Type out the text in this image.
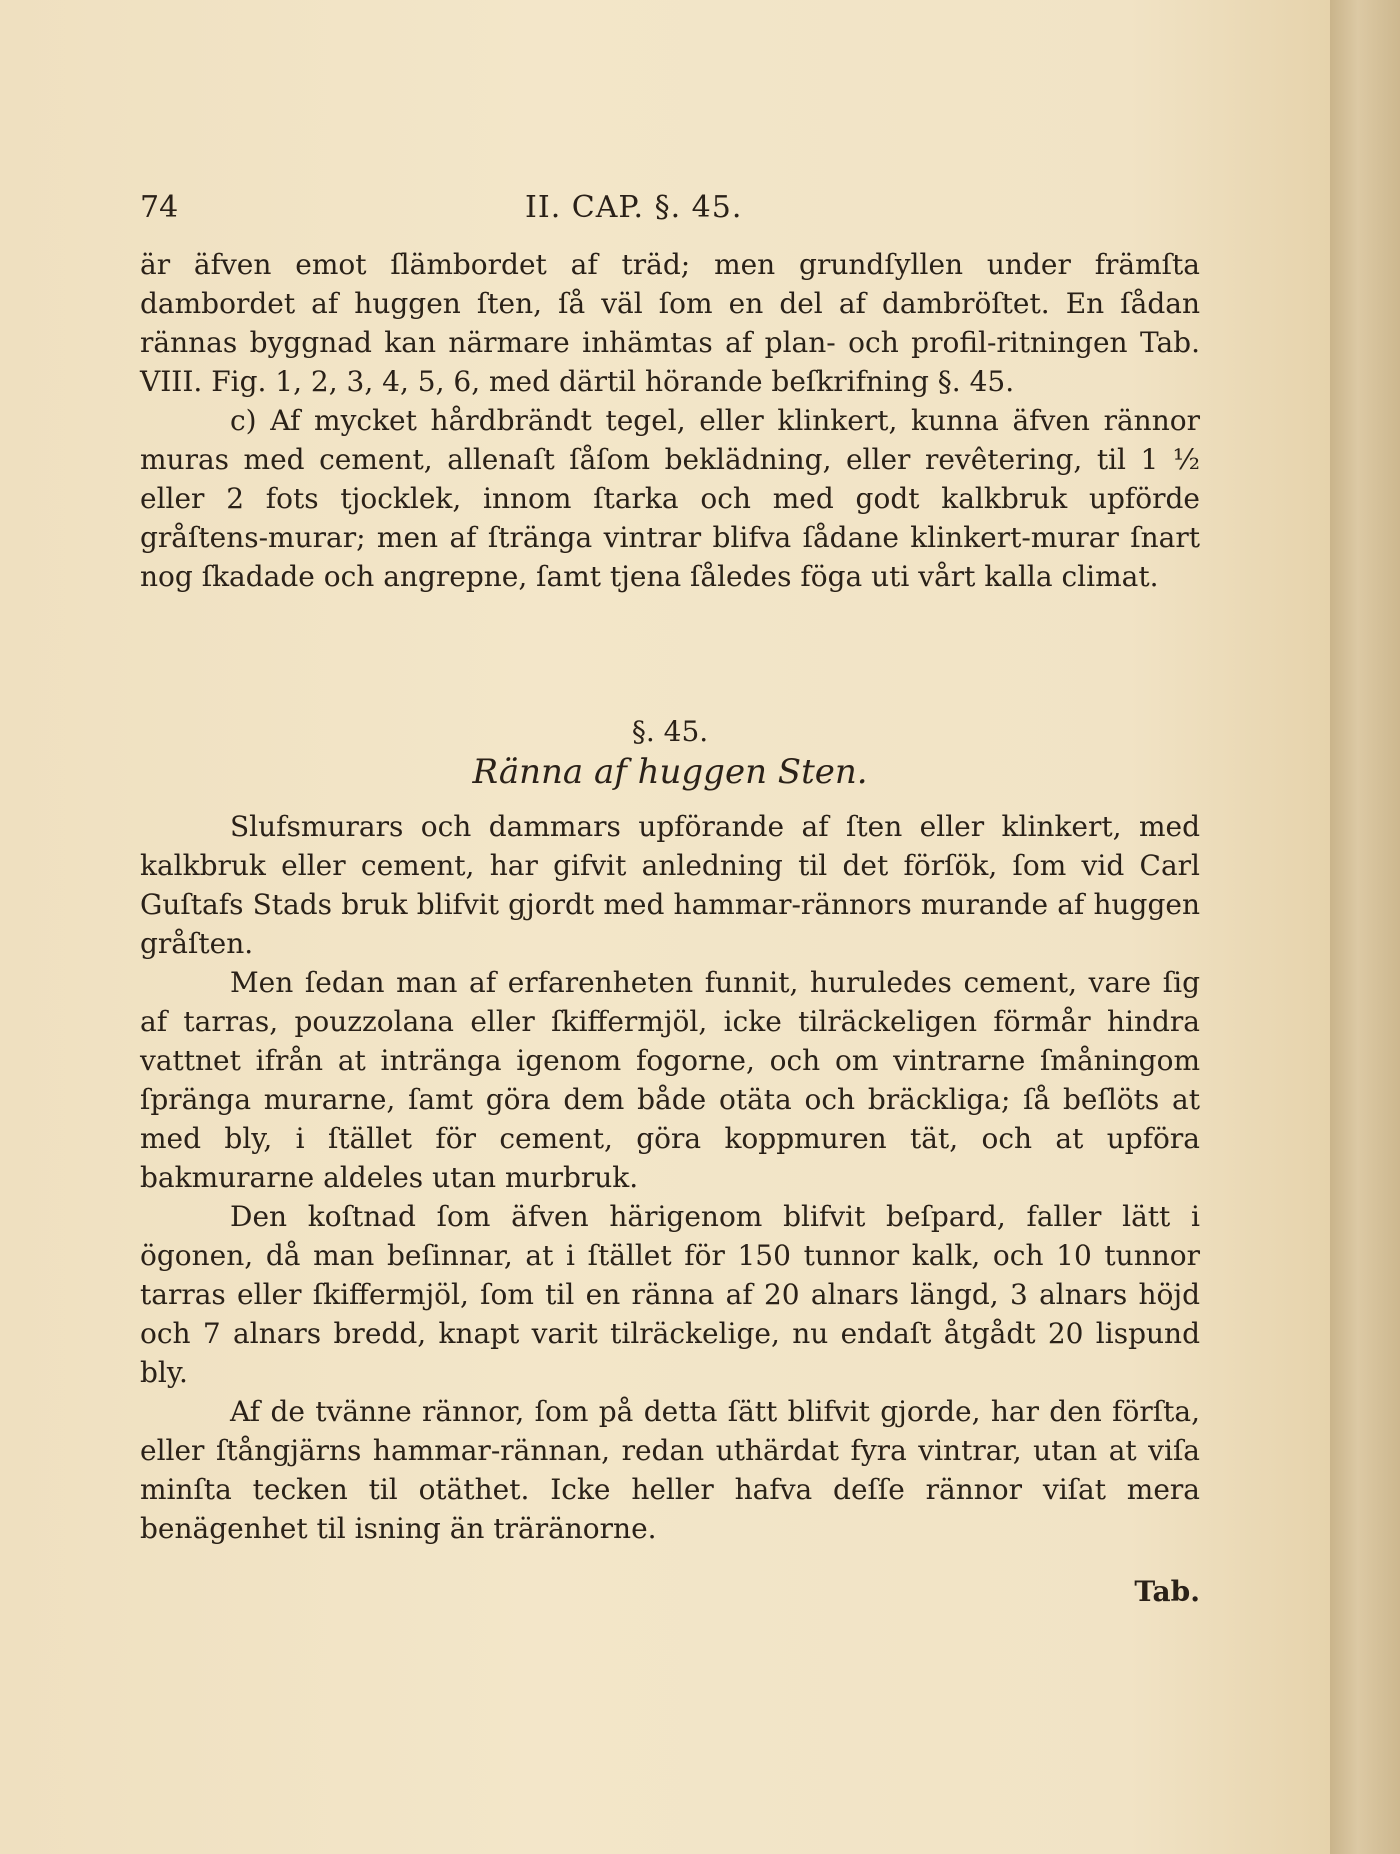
74	II. CAP. §. 45.

är äfven emot ſlämbordet af träd; men grundſyllen under främſta dambordet af huggen ſten, ſå väl ſom en del af dambröſtet. En ſådan rännas byggnad kan närmare inhämtas af plan- och profil-ritningen Tab. VIII. Fig. 1, 2, 3, 4, 5, 6, med därtil hörande beſkrifning §. 45.

c) Af mycket hårdbrändt tegel, eller klinkert, kunna äfven rännor muras med cement, allenaſt ſåſom beklädning, eller revêtering, til 1 ½ eller 2 fots tjocklek, innom ſtarka och med godt kalkbruk upförde gråſtens-murar; men af ſtränga vintrar blifva ſådane klinkert-murar ſnart nog ſkadade och angrepne, ſamt tjena ſåledes föga uti vårt kalla climat.

§. 45.
Ränna af huggen Sten.

Slufsmurars och dammars upförande af ſten eller klinkert, med kalkbruk eller cement, har gifvit anledning til det förſök, ſom vid Carl Guſtafs Stads bruk blifvit gjordt med hammar-rännors murande af huggen gråſten.

Men ſedan man af erfarenheten funnit, huruledes cement, vare ſig af tarras, pouzzolana eller ſkiffermjöl, icke tilräckeligen förmår hindra vattnet ifrån at intränga igenom fogorne, och om vintrarne ſmåningom ſpränga murarne, ſamt göra dem både otäta och bräckliga; ſå beſlöts at med bly, i ſtället för cement, göra koppmuren tät, och at upföra bakmurarne aldeles utan murbruk.

Den koſtnad ſom äfven härigenom blifvit beſpard, faller lätt i ögonen, då man beſinnar, at i ſtället för 150 tunnor kalk, och 10 tunnor tarras eller ſkiffermjöl, ſom til en ränna af 20 alnars längd, 3 alnars höjd och 7 alnars bredd, knapt varit tilräckelige, nu endaſt åtgådt 20 lispund bly.

Af de tvänne rännor, ſom på detta ſätt blifvit gjorde, har den förſta, eller ſtångjärns hammar-rännan, redan uthärdat fyra vintrar, utan at viſa minſta tecken til otäthet. Icke heller hafva deſſe rännor viſat mera benägenhet til isning än träränornе.

Tab.
